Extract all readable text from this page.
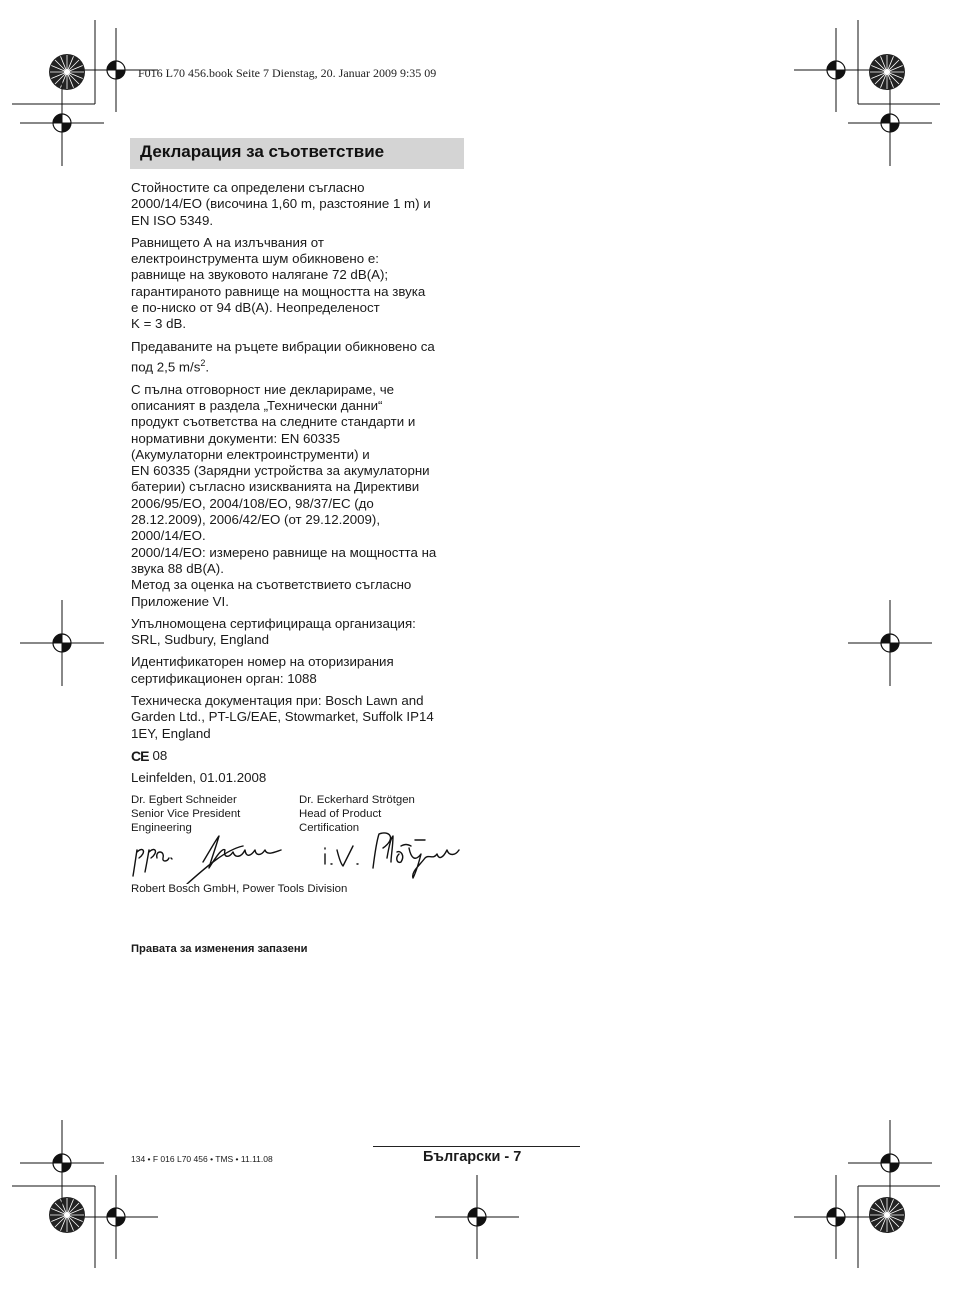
F016 L70 456.book Seite 7 Dienstag, 20. Januar 2009 9:35 09
Декларация за съответствие

Стойностите са определени съгласно
2000/14/ЕО (височина 1,60 m, разстояние 1 m) и
EN ISO 5349.

Равнището А на излъчвания от
електроинструмента шум обикновено е:
равнище на звуковото налягане 72 dB(A);
гарантираното равнище на мощността на звука
е по-ниско от 94 dB(A). Неопределеност
K = 3 dB.

Предаваните на ръцете вибрации обикновено са
под 2,5 $m/s^2$.

С пълна отговорност ние декларираме, че
описаният в раздела „Технически данни“
продукт съответства на следните стандарти и
нормативни документи: EN 60335
(Акумулаторни електроинструменти) и
EN 60335 (Зарядни устройства за акумулаторни
батерии) съгласно изискванията на Директиви
2006/95/ЕО, 2004/108/ЕО, 98/37/ЕС (до
28.12.2009), 2006/42/ЕО (от 29.12.2009),
2000/14/ЕО.
2000/14/ЕО: измерено равнище на мощността на
звука 88 dB(A).
Метод за оценка на съответствието съгласно
Приложение VI.

Упълномощена сертифицираща организация:
SRL, Sudbury, England

Идентификаторен номер на оторизирания
сертификационен орган: 1088

Техническа документация при: Bosch Lawn and
Garden Ltd., PT-LG/EAE, Stowmarket, Suffolk IP14
1EY, England

CE 08

Leinfelden, 01.01.2008

Dr. Egbert Schneider
Senior Vice President
Engineering
Dr. Eckerhard Strötgen
Head of Product
Certification
Robert Bosch GmbH, Power Tools Division
Правата за изменения запазени
134 • F 016 L70 456 • TMS • 11.11.08	Български - 7
